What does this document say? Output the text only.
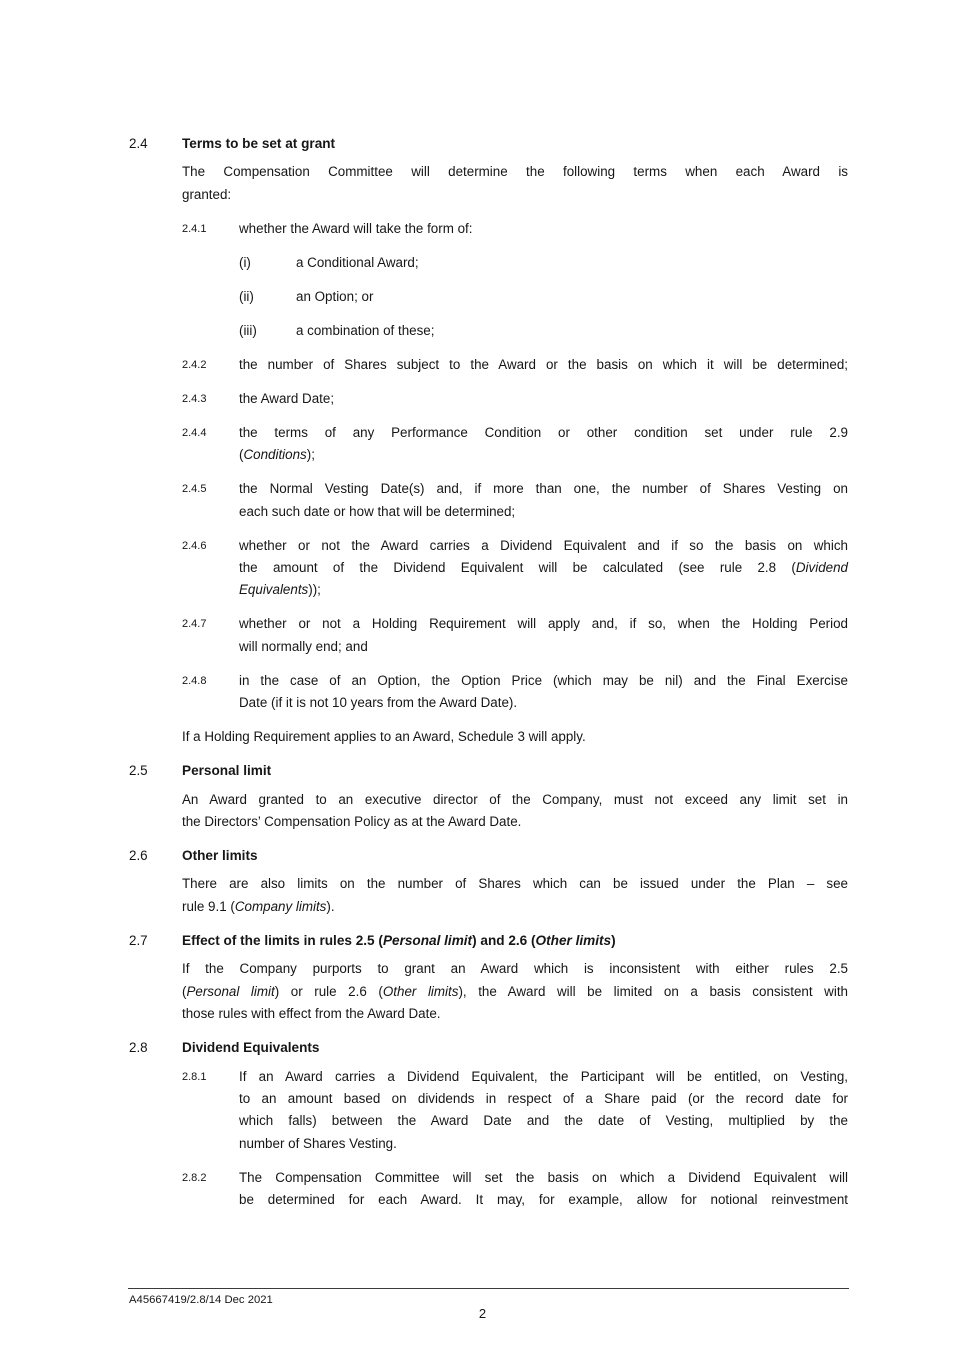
2.4	Terms to be set at grant
The Compensation Committee will determine the following terms when each Award is
granted:
2.4.1	whether the Award will take the form of:
(i)	a Conditional Award;
(ii)	an Option; or
(iii)	a combination of these;
2.4.2	the number of Shares subject to the Award or the basis on which it will be determined;
2.4.3	the Award Date;
2.4.4	the terms of any Performance Condition or other condition set under rule 2.9
(Conditions);
2.4.5	the Normal Vesting Date(s) and, if more than one, the number of Shares Vesting on
each such date or how that will be determined;
2.4.6	whether or not the Award carries a Dividend Equivalent and if so the basis on which
the amount of the Dividend Equivalent will be calculated (see rule 2.8 (Dividend
Equivalents));
2.4.7	whether or not a Holding Requirement will apply and, if so, when the Holding Period
will normally end; and
2.4.8	in the case of an Option, the Option Price (which may be nil) and the Final Exercise
Date (if it is not 10 years from the Award Date).
If a Holding Requirement applies to an Award, Schedule 3 will apply.
2.5	Personal limit
An Award granted to an executive director of the Company, must not exceed any limit set in
the Directors’ Compensation Policy as at the Award Date.
2.6	Other limits
There are also limits on the number of Shares which can be issued under the Plan – see
rule 9.1 (Company limits).
2.7	Effect of the limits in rules 2.5 (Personal limit) and 2.6 (Other limits)
If the Company purports to grant an Award which is inconsistent with either rules 2.5
(Personal limit) or rule 2.6 (Other limits), the Award will be limited on a basis consistent with
those rules with effect from the Award Date.
2.8	Dividend Equivalents
2.8.1	If an Award carries a Dividend Equivalent, the Participant will be entitled, on Vesting,
to an amount based on dividends in respect of a Share paid (or the record date for
which falls) between the Award Date and the date of Vesting, multiplied by the
number of Shares Vesting.
2.8.2	The Compensation Committee will set the basis on which a Dividend Equivalent will
be determined for each Award. It may, for example, allow for notional reinvestment
A45667419/2.8/14 Dec 2021
2
